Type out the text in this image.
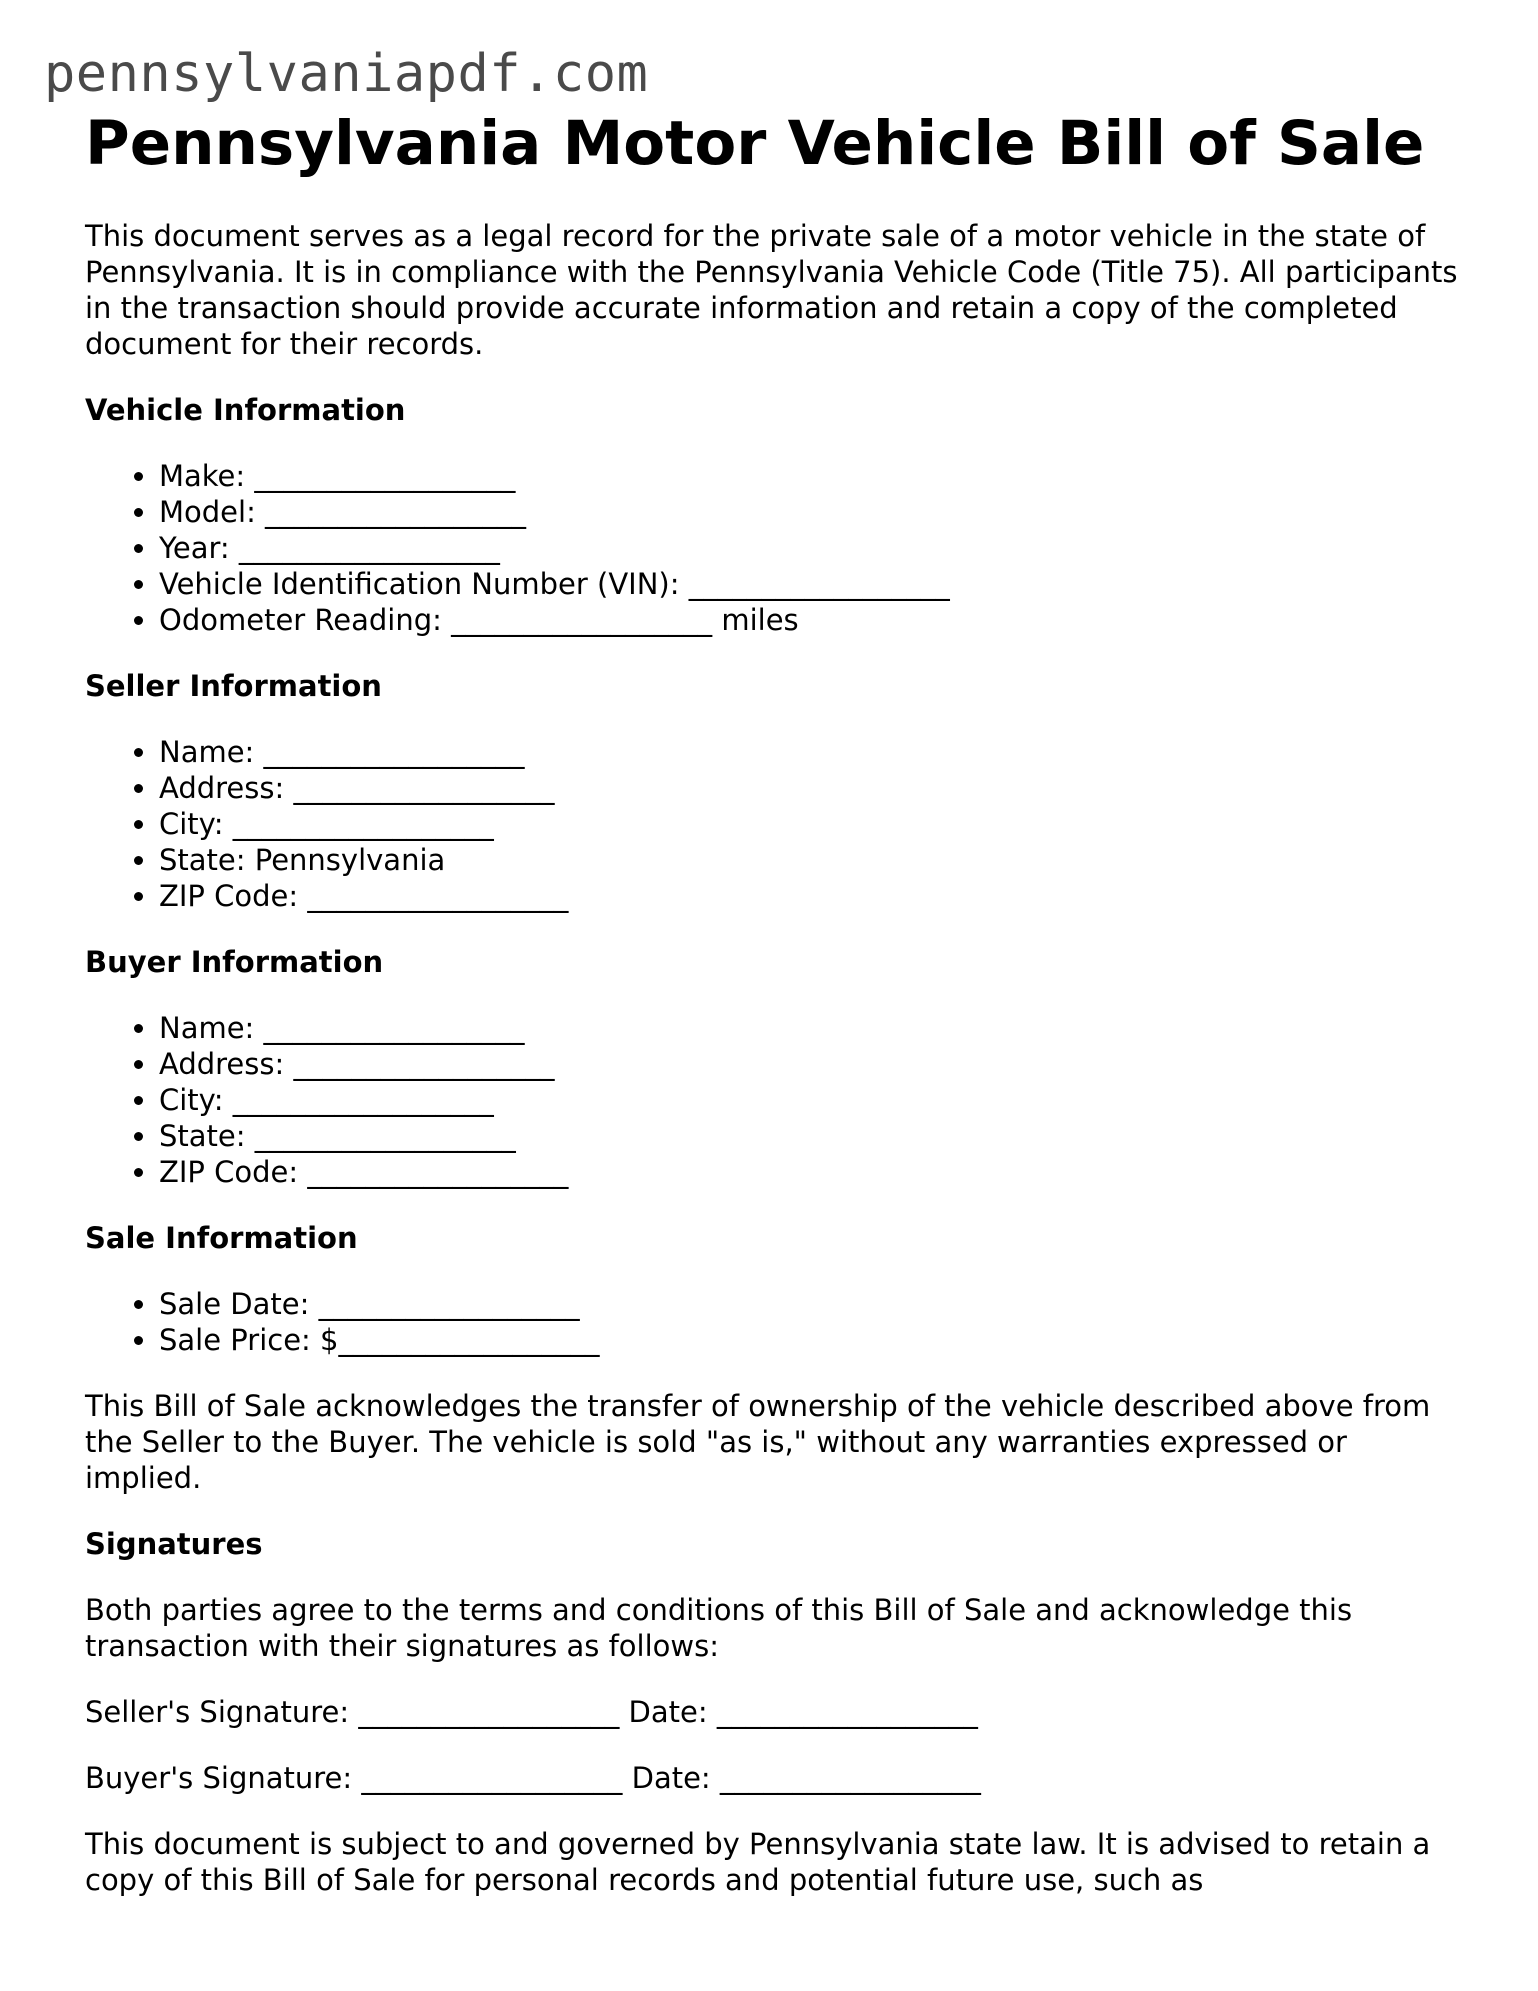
pennsylvaniapdf.com
Pennsylvania Motor Vehicle Bill of Sale

This document serves as a legal record for the private sale of a motor vehicle in the state of Pennsylvania. It is in compliance with the Pennsylvania Vehicle Code (Title 75). All participants in the transaction should provide accurate information and retain a copy of the completed document for their records.

Vehicle Information
• Make: __________________
• Model: __________________
• Year: __________________
• Vehicle Identification Number (VIN): __________________
• Odometer Reading: __________________ miles
Seller Information
• Name: __________________
• Address: __________________
• City: __________________
• State: Pennsylvania
• ZIP Code: __________________
Buyer Information
• Name: __________________
• Address: __________________
• City: __________________
• State: __________________
• ZIP Code: __________________
Sale Information
• Sale Date: __________________
• Sale Price: $__________________

This Bill of Sale acknowledges the transfer of ownership of the vehicle described above from the Seller to the Buyer. The vehicle is sold "as is," without any warranties expressed or implied.

Signatures

Both parties agree to the terms and conditions of this Bill of Sale and acknowledge this transaction with their signatures as follows:

Seller's Signature: __________________ Date: __________________

Buyer's Signature: __________________ Date: __________________

This document is subject to and governed by Pennsylvania state law. It is advised to retain a copy of this Bill of Sale for personal records and potential future use, such as
